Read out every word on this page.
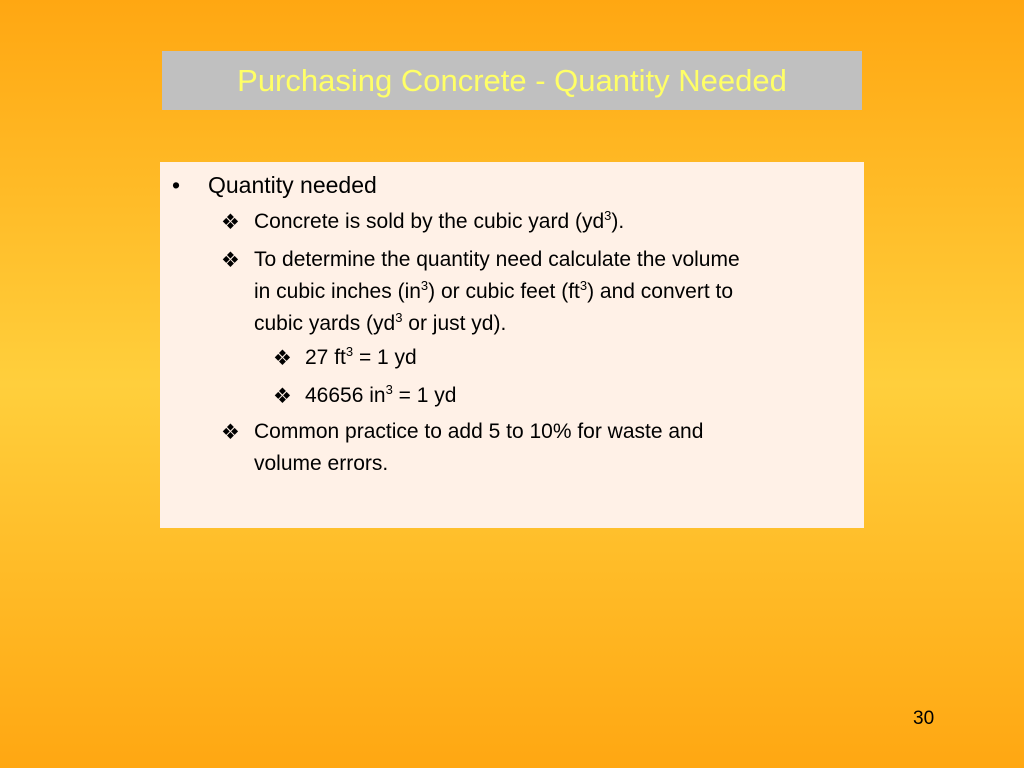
Purchasing Concrete - Quantity Needed
• Quantity needed
❖ Concrete is sold by the cubic yard $(yd^3)$.
❖ To determine the quantity need calculate the volume
in cubic inches $(in^3)$ or cubic feet $(ft^3)$ and convert to
cubic yards ($yd^3$ or just yd).
❖ 27 $ft^3 = 1$ yd
❖ 46656 $in^3 = 1$ yd
❖ Common practice to add 5 to 10% for waste and
volume errors.
30
